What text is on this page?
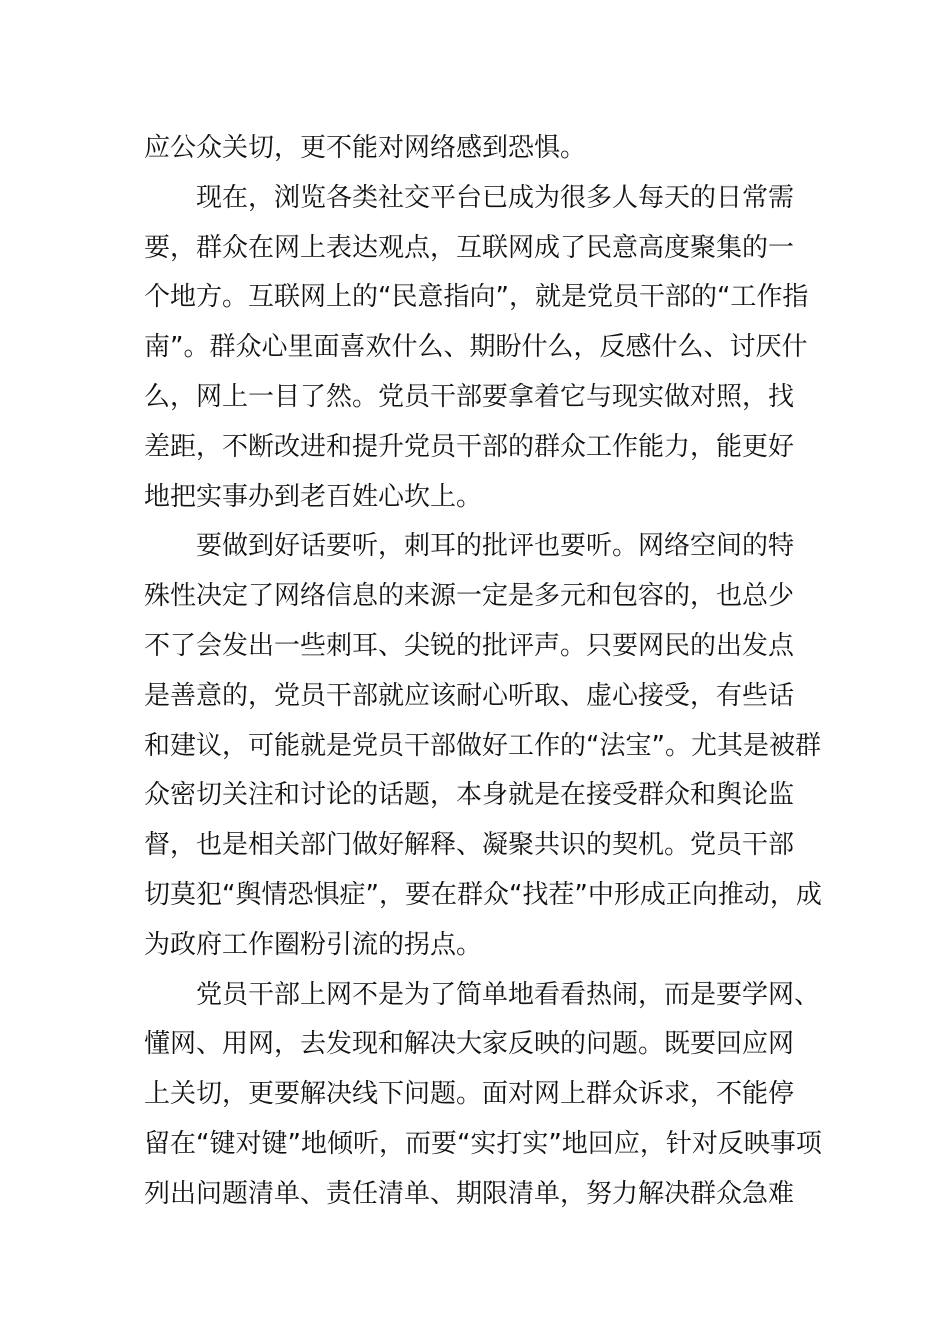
应公众关切，更不能对网络感到恐惧。
　　现在，浏览各类社交平台已成为很多人每天的日常需
要，群众在网上表达观点，互联网成了民意高度聚集的一
个地方。互联网上的“民意指向”，就是党员干部的“工作指
南”。群众心里面喜欢什么、期盼什么，反感什么、讨厌什
么，网上一目了然。党员干部要拿着它与现实做对照，找
差距，不断改进和提升党员干部的群众工作能力，能更好
地把实事办到老百姓心坎上。
　　要做到好话要听，刺耳的批评也要听。网络空间的特
殊性决定了网络信息的来源一定是多元和包容的，也总少
不了会发出一些刺耳、尖锐的批评声。只要网民的出发点
是善意的，党员干部就应该耐心听取、虚心接受，有些话
和建议，可能就是党员干部做好工作的“法宝”。尤其是被群
众密切关注和讨论的话题，本身就是在接受群众和舆论监
督，也是相关部门做好解释、凝聚共识的契机。党员干部
切莫犯“舆情恐惧症”，要在群众“找茬”中形成正向推动，成
为政府工作圈粉引流的拐点。
　　党员干部上网不是为了简单地看看热闹，而是要学网、
懂网、用网，去发现和解决大家反映的问题。既要回应网
上关切，更要解决线下问题。面对网上群众诉求，不能停
留在“键对键”地倾听，而要“实打实”地回应，针对反映事项
列出问题清单、责任清单、期限清单，努力解决群众急难
